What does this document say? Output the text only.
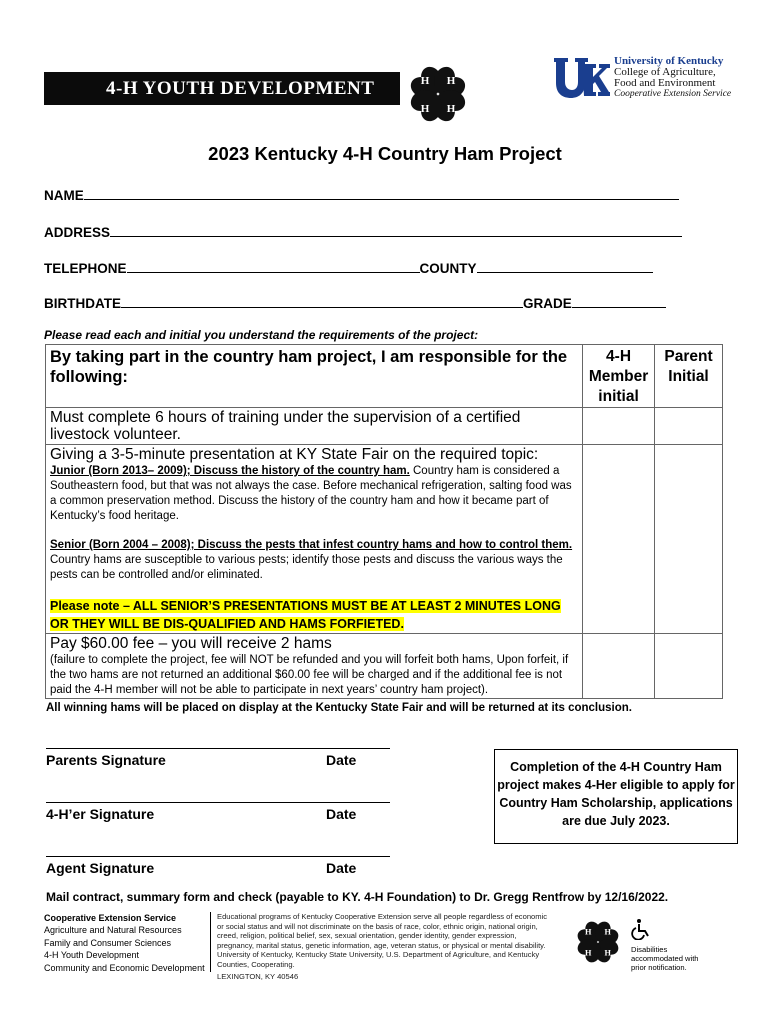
4-H YOUTH DEVELOPMENT	H H
H H
University of Kentucky
College of Agriculture,
Food and Environment
Cooperative Extension Service
2023 Kentucky 4-H Country Ham Project
NAME
ADDRESS
TELEPHONE	COUNTY
BIRTHDATE	GRADE
Please read each and initial you understand the requirements of the project:
By taking part in the country ham project, I am responsible for the following:	4-H Member initial	Parent Initial
Must complete 6 hours of training under the supervision of a certified livestock volunteer.		

Giving a 3-5-minute presentation at KY State Fair on the required topic:
Junior (Born 2013– 2009); Discuss the history of the country ham. Country ham is considered a Southeastern food, but that was not always the case. Before mechanical refrigeration, salting food was a common preservation method. Discuss the history of the country ham and how it became part of Kentucky’s food heritage.
Senior (Born 2004 – 2008); Discuss the pests that infest country hams and how to control them. Country hams are susceptible to various pests; identify those pests and discuss the various ways the pests can be controlled and/or eliminated.
Please note – ALL SENIOR’S PRESENTATIONS MUST BE AT LEAST 2 MINUTES LONG OR THEY WILL BE DIS-QUALIFIED AND HAMS FORFIETED.		

Pay $60.00 fee – you will receive 2 hams
(failure to complete the project, fee will NOT be refunded and you will forfeit both hams, Upon forfeit, if the two hams are not returned an additional $60.00 fee will be charged and if the additional fee is not paid the 4-H member will not be able to participate in next years’ country ham project).		

All winning hams will be placed on display at the Kentucky State Fair and will be returned at its conclusion.
Parents Signature	Date
4-H’er Signature	Date
Agent Signature	Date
Completion of the 4-H Country Ham project makes 4-Her eligible to apply for Country Ham Scholarship, applications are due July 2023.
Mail contract, summary form and check (payable to KY. 4-H Foundation) to Dr. Gregg Rentfrow by 12/16/2022.
Cooperative Extension Service
Agriculture and Natural Resources
Family and Consumer Sciences
4-H Youth Development
Community and Economic Development
Educational programs of Kentucky Cooperative Extension serve all people regardless of economic or social status and will not discriminate on the basis of race, color, ethnic origin, national origin, creed, religion, political belief, sex, sexual orientation, gender identity, gender expression, pregnancy, marital status, genetic information, age, veteran status, or physical or mental disability. University of Kentucky, Kentucky State University, U.S. Department of Agriculture, and Kentucky Counties, Cooperating.
LEXINGTON, KY 40546
H H
H H	Disabilities accommodated with prior notification.
